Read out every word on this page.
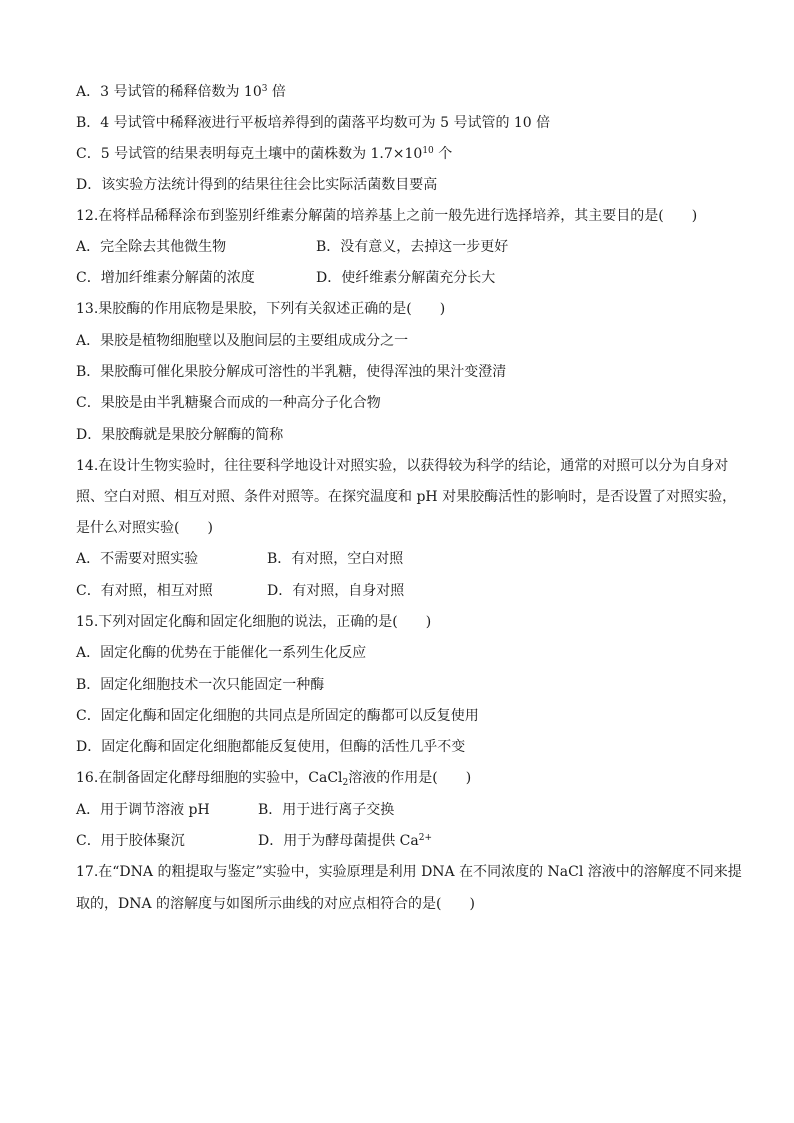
A．3 号试管的稀释倍数为 $10^3$ 倍
B．4 号试管中稀释液进行平板培养得到的菌落平均数可为 5 号试管的 10 倍
C．5 号试管的结果表明每克土壤中的菌株数为 $1.7\times 10^{10}$ 个
D．该实验方法统计得到的结果往往会比实际活菌数目要高
12.在将样品稀释涂布到鉴别纤维素分解菌的培养基上之前一般先进行选择培养，其主要目的是(　　)
A．完全除去其他微生物	B．没有意义，去掉这一步更好
C．增加纤维素分解菌的浓度	D．使纤维素分解菌充分长大
13.果胶酶的作用底物是果胶，下列有关叙述正确的是(　　)
A．果胶是植物细胞壁以及胞间层的主要组成成分之一
B．果胶酶可催化果胶分解成可溶性的半乳糖，使得浑浊的果汁变澄清
C．果胶是由半乳糖聚合而成的一种高分子化合物
D．果胶酶就是果胶分解酶的简称
14.在设计生物实验时，往往要科学地设计对照实验，以获得较为科学的结论，通常的对照可以分为自身对
照、空白对照、相互对照、条件对照等。在探究温度和 pH 对果胶酶活性的影响时，是否设置了对照实验，
是什么对照实验(　　)
A．不需要对照实验	B．有对照，空白对照
C．有对照，相互对照	D．有对照，自身对照
15.下列对固定化酶和固定化细胞的说法，正确的是(　　)
A．固定化酶的优势在于能催化一系列生化反应
B．固定化细胞技术一次只能固定一种酶
C．固定化酶和固定化细胞的共同点是所固定的酶都可以反复使用
D．固定化酶和固定化细胞都能反复使用，但酶的活性几乎不变
16.在制备固定化酵母细胞的实验中，CaCl$_2$溶液的作用是(　　)
A．用于调节溶液 pH	B．用于进行离子交换
C．用于胶体聚沉	D．用于为酵母菌提供 $Ca^{2+}$
17.在“DNA 的粗提取与鉴定”实验中，实验原理是利用 DNA 在不同浓度的 NaCl 溶液中的溶解度不同来提
取的，DNA 的溶解度与如图所示曲线的对应点相符合的是(　　)
